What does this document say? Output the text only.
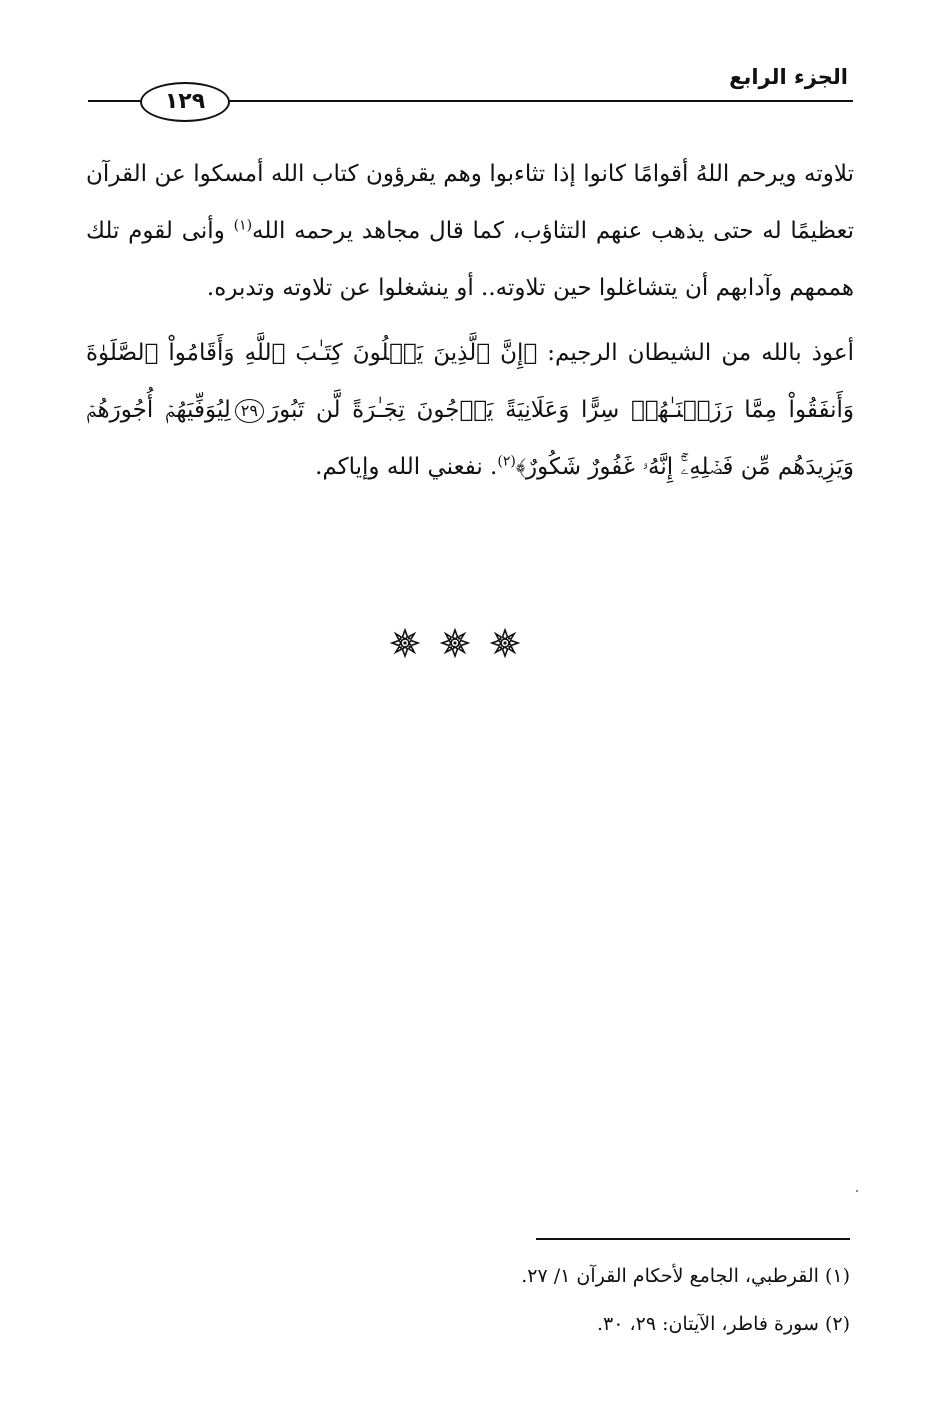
الجزء الرابع
١٢٩

تلاوته ويرحم اللهُ أقوامًا كانوا إذا تثاءبوا وهم يقرؤون كتاب الله أمسكوا عن القرآن تعظيمًا له حتى يذهب عنهم التثاؤب، كما قال مجاهد يرحمه الله$^{(١)}$ وأنى لقوم تلك هممهم وآدابهم أن يتشاغلوا حين تلاوته.. أو ينشغلوا عن تلاوته وتدبره.

أعوذ بالله من الشيطان الرجيم: ﴿إِنَّ ٱلَّذِينَ يَتۡلُونَ كِتَـٰبَ ٱللَّهِ وَأَقَامُواْ ٱلصَّلَوٰةَ وَأَنفَقُواْ مِمَّا رَزَقۡنَـٰهُمۡ سِرًّا وَعَلَانِيَةً يَرۡجُونَ تِجَـٰرَةً لَّن تَبُورَ٢٩لِيُوَفِّيَهُمۡ أُجُورَهُمۡ وَيَزِيدَهُم مِّن فَضۡلِهِۦٓۚ إِنَّهُۥ غَفُورٌ شَكُورٌ﴾$^{(٢)}$. نفعني الله وإياكم.

(١) القرطبي، الجامع لأحكام القرآن ١/ ٢٧.

(٢) سورة فاطر، الآيتان: ٢٩، ٣٠.
